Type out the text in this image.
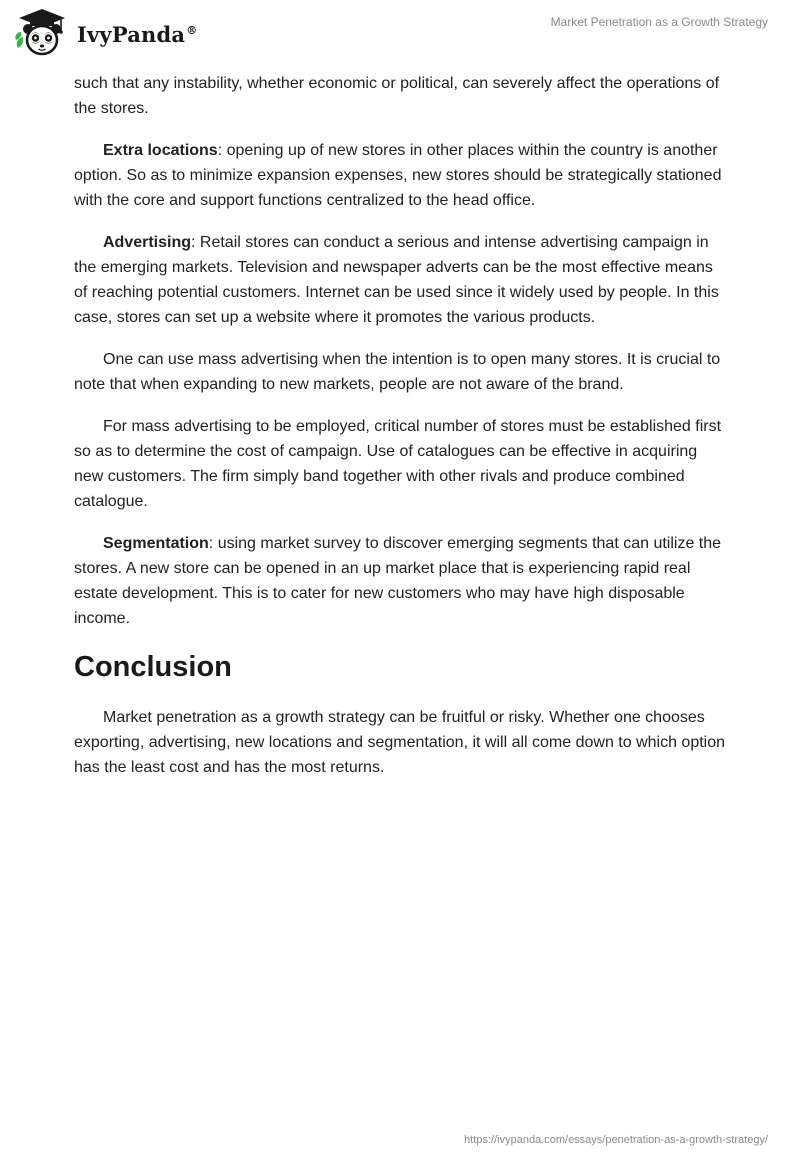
IvyPanda®
Market Penetration as a Growth Strategy

such that any instability, whether economic or political, can severely affect the operations of the stores.

Extra locations: opening up of new stores in other places within the country is another option. So as to minimize expansion expenses, new stores should be strategically stationed with the core and support functions centralized to the head office.

Advertising: Retail stores can conduct a serious and intense advertising campaign in the emerging markets. Television and newspaper adverts can be the most effective means of reaching potential customers. Internet can be used since it widely used by people. In this case, stores can set up a website where it promotes the various products.

One can use mass advertising when the intention is to open many stores. It is crucial to note that when expanding to new markets, people are not aware of the brand.

For mass advertising to be employed, critical number of stores must be established first so as to determine the cost of campaign. Use of catalogues can be effective in acquiring new customers. The firm simply band together with other rivals and produce combined catalogue.

Segmentation: using market survey to discover emerging segments that can utilize the stores. A new store can be opened in an up market place that is experiencing rapid real estate development. This is to cater for new customers who may have high disposable income.

Conclusion

Market penetration as a growth strategy can be fruitful or risky. Whether one chooses exporting, advertising, new locations and segmentation, it will all come down to which option has the least cost and has the most returns.

https://ivypanda.com/essays/penetration-as-a-growth-strategy/
